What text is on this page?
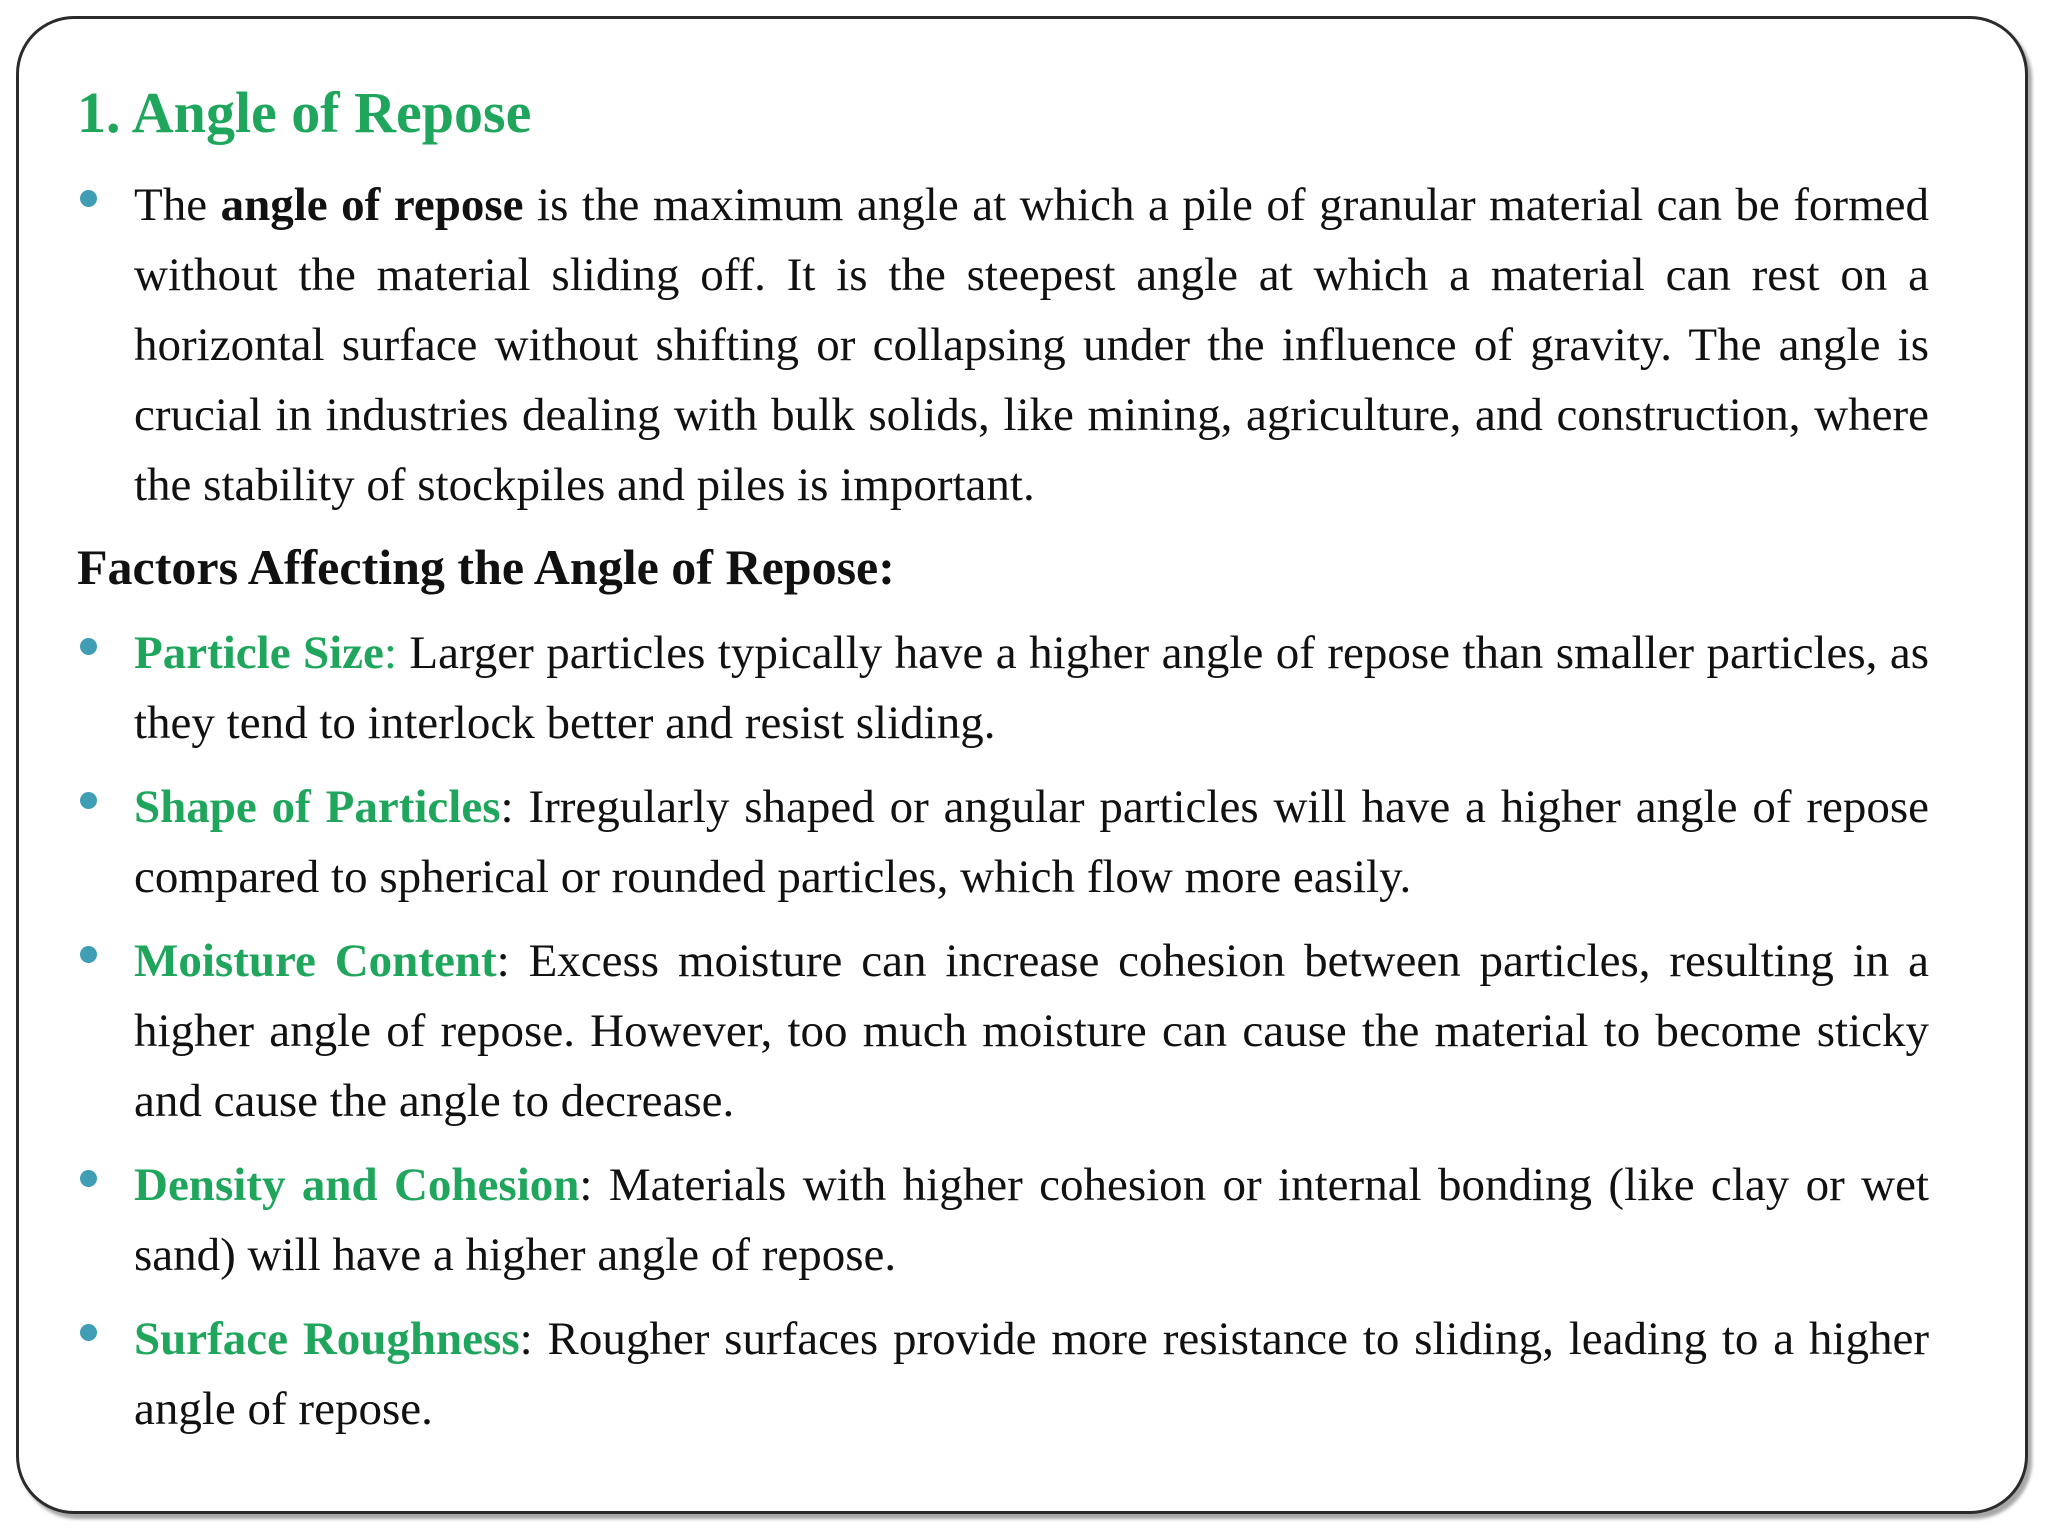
1. Angle of Repose
The angle of repose is the maximum angle at which a pile of granular material can be formed without the material sliding off. It is the steepest angle at which a material can rest on a horizontal surface without shifting or collapsing under the influence of gravity. The angle is crucial in industries dealing with bulk solids, like mining, agriculture, and construction, where the stability of stockpiles and piles is important.
Factors Affecting the Angle of Repose:
Particle Size: Larger particles typically have a higher angle of repose than smaller particles, as they tend to interlock better and resist sliding.
Shape of Particles: Irregularly shaped or angular particles will have a higher angle of repose compared to spherical or rounded particles, which flow more easily.
Moisture Content: Excess moisture can increase cohesion between particles, resulting in a higher angle of repose. However, too much moisture can cause the material to become sticky and cause the angle to decrease.
Density and Cohesion: Materials with higher cohesion or internal bonding (like clay or wet sand) will have a higher angle of repose.
Surface Roughness: Rougher surfaces provide more resistance to sliding, leading to a higher angle of repose.
